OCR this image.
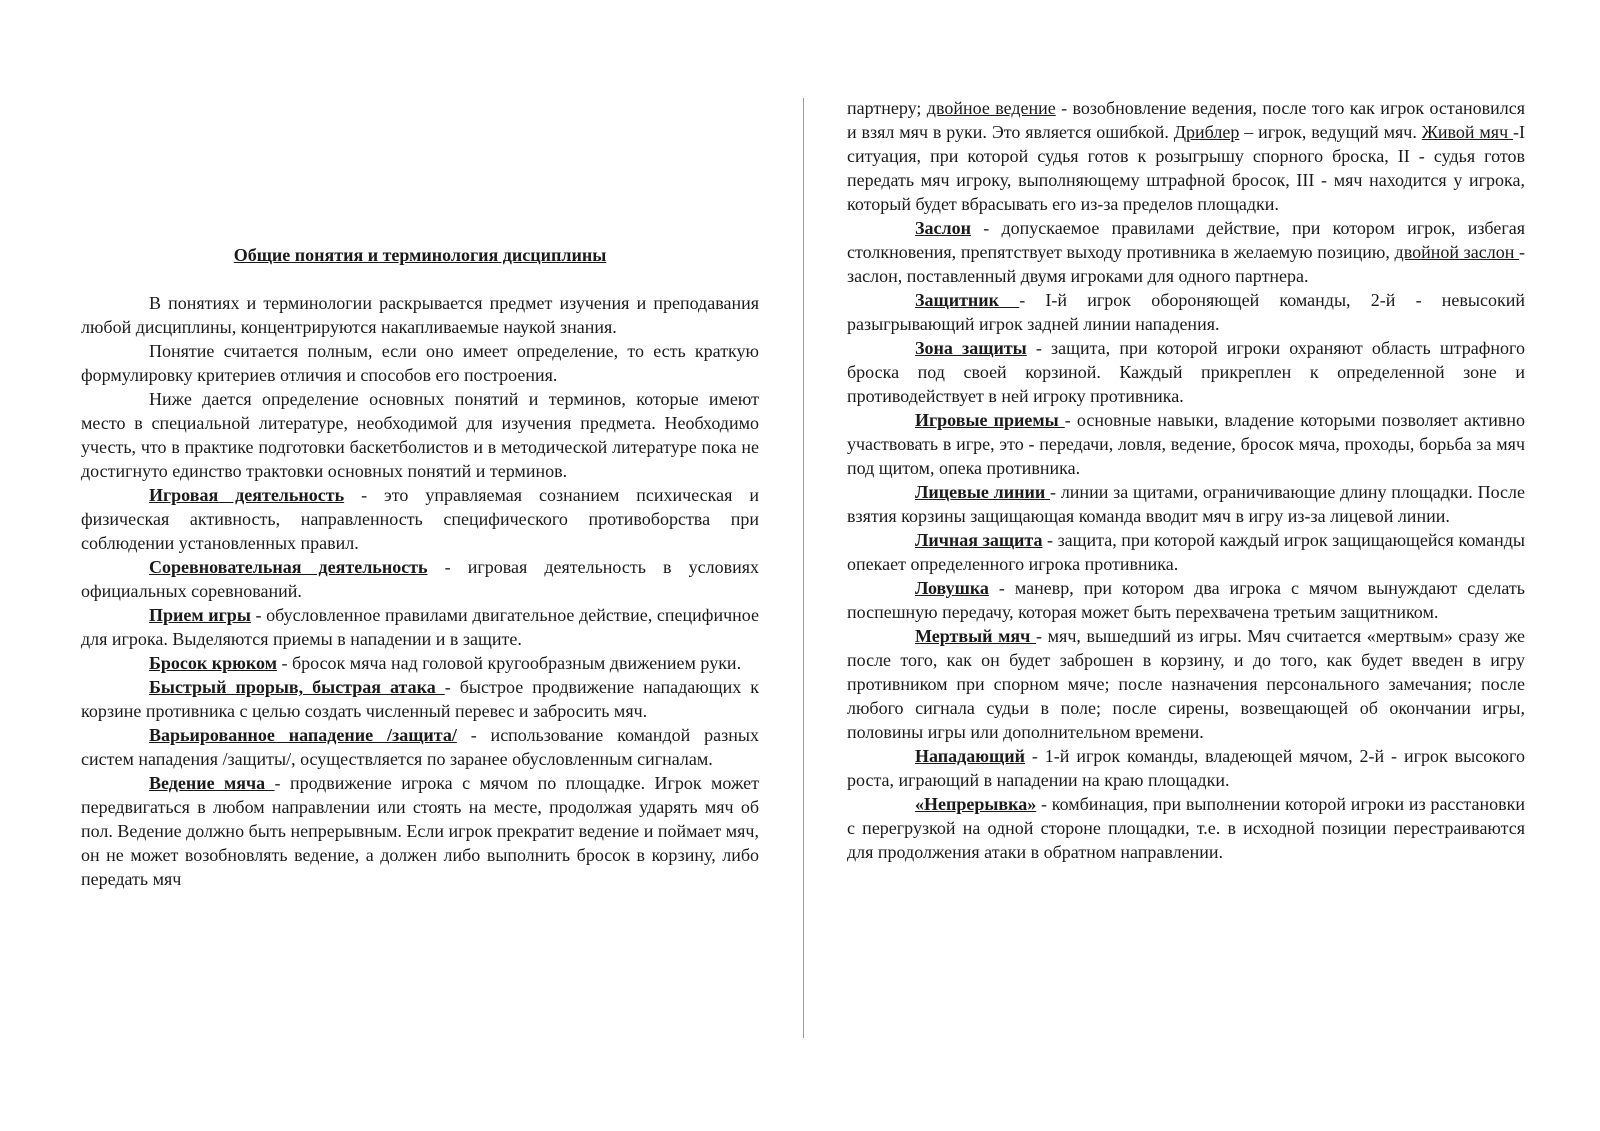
Общие понятия и терминология дисциплины

В понятиях и терминологии раскрывается предмет изучения и преподавания любой дисциплины, концентрируются накапливаемые наукой знания.

Понятие считается полным, если оно имеет определение, то есть краткую формулировку критериев отличия и способов его построения.

Ниже дается определение основных понятий и терминов, которые имеют место в специальной литературе, необходимой для изучения предмета. Необходимо учесть, что в практике подготовки баскетболистов и в методической литературе пока не достигнуто единство трактовки основных понятий и терминов.

Игровая деятельность - это управляемая сознанием психическая и физическая активность, направленность специфического противоборства при соблюдении установленных правил.

Соревновательная деятельность - игровая деятельность в условиях официальных соревнований.

Прием игры - обусловленное правилами двигательное действие, специфичное для игрока. Выделяются приемы в нападении и в защите.

Бросок крюком - бросок мяча над головой кругообразным движением руки.

Быстрый прорыв, быстрая атака - быстрое продвижение нападающих к корзине противника с целью создать численный перевес и забросить мяч.

Варьированное нападение /защита/ - использование командой разных систем нападения /защиты/, осуществляется по заранее обусловленным сигналам.

Ведение мяча - продвижение игрока с мячом по площадке. Игрок может передвигаться в любом направлении или стоять на месте, продолжая ударять мяч об пол. Ведение должно быть непрерывным. Если игрок прекратит ведение и поймает мяч, он не может возобновлять ведение, а должен либо выполнить бросок в корзину, либо передать мяч

партнеру; двойное ведение - возобновление ведения, после того как игрок остановился и взял мяч в руки. Это является ошибкой. Дриблер – игрок, ведущий мяч. Живой мяч -I ситуация, при которой судья готов к розыгрышу спорного броска, II - судья готов передать мяч игроку, выполняющему штрафной бросок, III - мяч находится у игрока, который будет вбрасывать его из-за пределов площадки.

Заслон - допускаемое правилами действие, при котором игрок, избегая столкновения, препятствует выходу противника в желаемую позицию, двойной заслон - заслон, поставленный двумя игроками для одного партнера.

Защитник - I-й игрок обороняющей команды, 2-й - невысокий разыгрывающий игрок задней линии нападения.

Зона защиты - защита, при которой игроки охраняют область штрафного броска под своей корзиной. Каждый прикреплен к определенной зоне и противодействует в ней игроку противника.

Игровые приемы - основные навыки, владение которыми позволяет активно участвовать в игре, это - передачи, ловля, ведение, бросок мяча, проходы, борьба за мяч под щитом, опека противника.

Лицевые линии - линии за щитами, ограничивающие длину площадки. После взятия корзины защищающая команда вводит мяч в игру из-за лицевой линии.

Личная защита - защита, при которой каждый игрок защищающейся команды опекает определенного игрока противника.

Ловушка - маневр, при котором два игрока с мячом вынуждают сделать поспешную передачу, которая может быть перехвачена третьим защитником.

Мертвый мяч - мяч, вышедший из игры. Мяч считается «мертвым» сразу же после того, как он будет заброшен в корзину, и до того, как будет введен в игру противником при спорном мяче; после назначения персонального замечания; после любого сигнала судьи в поле; после сирены, возвещающей об окончании игры, половины игры или дополнительном времени.

Нападающий - 1-й игрок команды, владеющей мячом, 2-й - игрок высокого роста, играющий в нападении на краю площадки.

«Непрерывка» - комбинация, при выполнении которой игроки из расстановки с перегрузкой на одной стороне площадки, т.е. в исходной позиции перестраиваются для продолжения атаки в обратном направлении.
